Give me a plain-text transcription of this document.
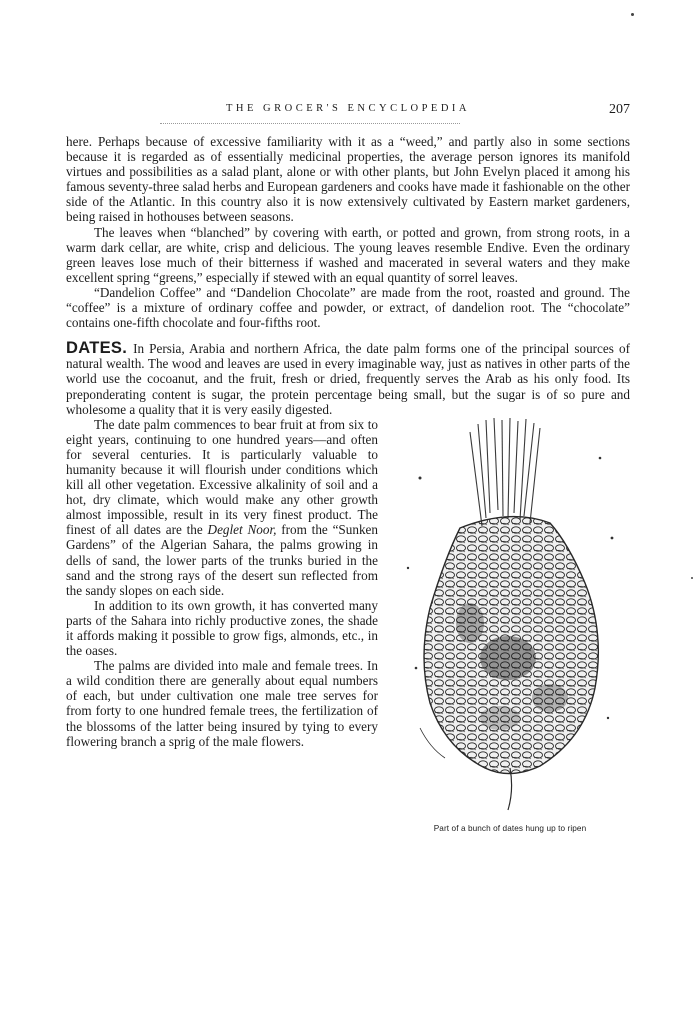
THE GROCER'S ENCYCLOPEDIA	207

here. Perhaps because of excessive familiarity with it as a “weed,” and partly also in some sections because it is regarded as of essentially medicinal properties, the average person ignores its manifold virtues and possibilities as a salad plant, alone or with other plants, but John Evelyn placed it among his famous seventy-three salad herbs and European gardeners and cooks have made it fashionable on the other side of the Atlantic. In this country also it is now extensively cultivated by Eastern market gardeners, being raised in hothouses between seasons.

The leaves when “blanched” by covering with earth, or potted and grown, from strong roots, in a warm dark cellar, are white, crisp and delicious. The young leaves resemble Endive. Even the ordinary green leaves lose much of their bitterness if washed and macerated in several waters and they make excellent spring “greens,” especially if stewed with an equal quantity of sorrel leaves.

“Dandelion Coffee” and “Dandelion Chocolate” are made from the root, roasted and ground. The “coffee” is a mixture of ordinary coffee and powder, or extract, of dandelion root. The “chocolate” contains one-fifth chocolate and four-fifths root.

DATES. In Persia, Arabia and northern Africa, the date palm forms one of the principal sources of natural wealth. The wood and leaves are used in every imaginable way, just as natives in other parts of the world use the cocoanut, and the fruit, fresh or dried, frequently serves the Arab as his only food. Its preponderating content is sugar, the protein percentage being small, but the sugar is of so pure and wholesome a quality that it is very easily digested.

Part of a bunch of dates hung up to ripen

The date palm commences to bear fruit at from six to eight years, continuing to one hundred years—and often for several centuries. It is particularly valuable to humanity because it will flourish under conditions which kill all other vegetation. Excessive alkalinity of soil and a hot, dry climate, which would make any other growth almost impossible, result in its very finest product. The finest of all dates are the Deglet Noor, from the “Sunken Gardens” of the Algerian Sahara, the palms growing in dells of sand, the lower parts of the trunks buried in the sand and the strong rays of the desert sun reflected from the sandy slopes on each side.

In addition to its own growth, it has converted many parts of the Sahara into richly productive zones, the shade it affords making it possible to grow figs, almonds, etc., in the oases.

The palms are divided into male and female trees. In a wild condition there are generally about equal numbers of each, but under cultivation one male tree serves for from forty to one hundred female trees, the fertilization of the blossoms of the latter being insured by tying to every flowering branch a sprig of the male flowers.
